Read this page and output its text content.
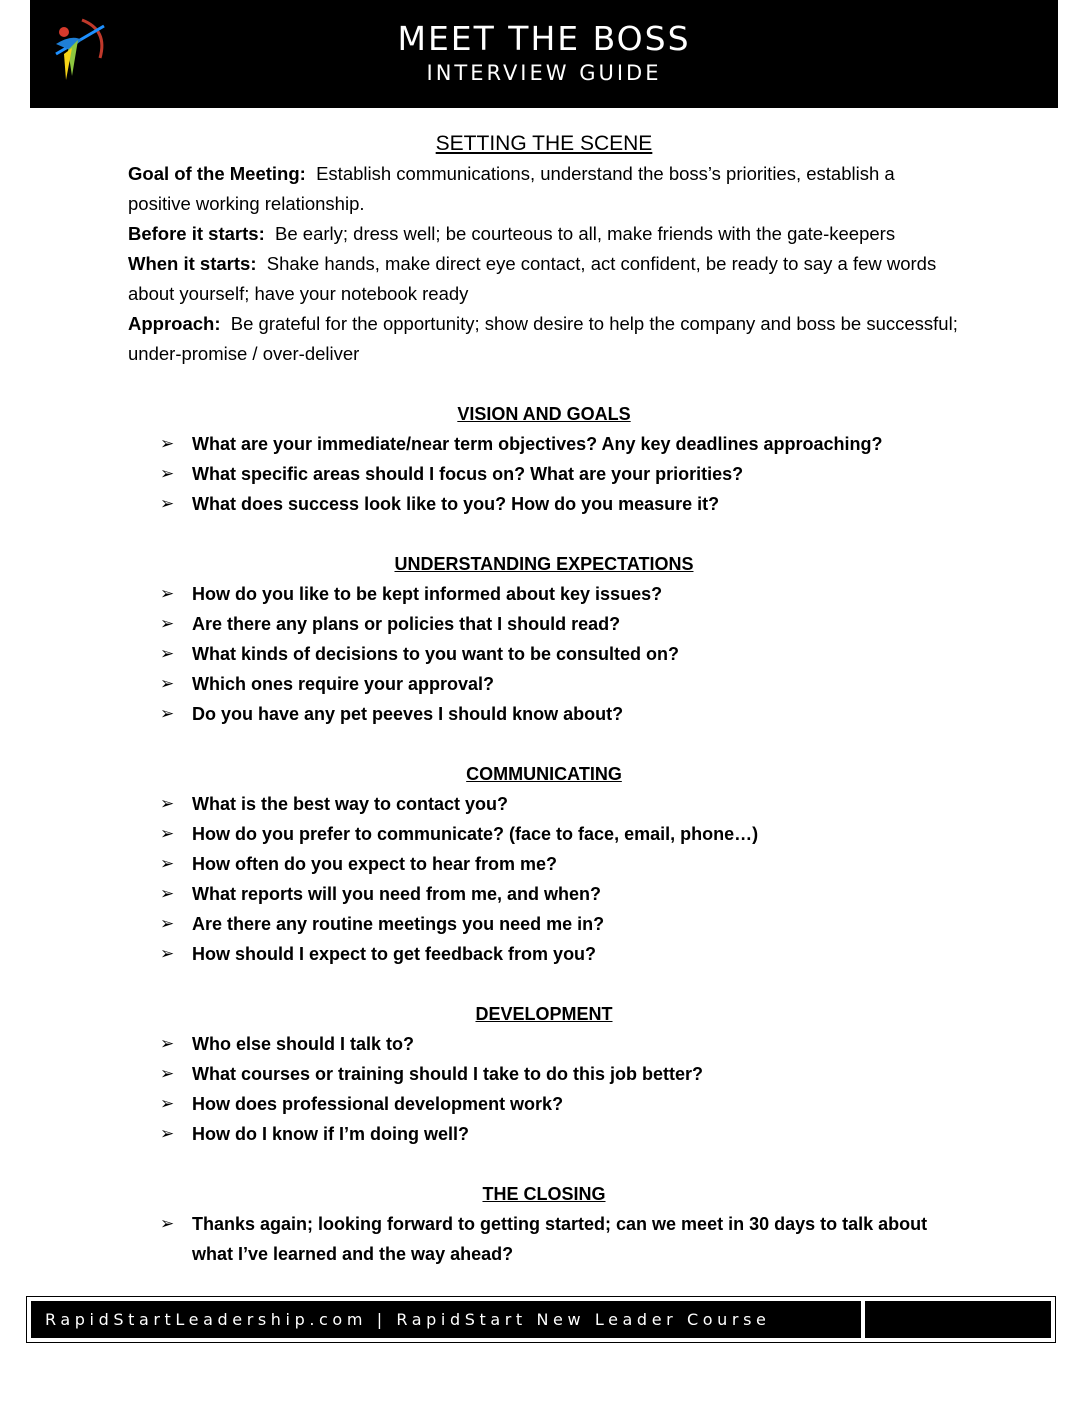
MEET THE BOSS
INTERVIEW GUIDE
SETTING THE SCENE

Goal of the Meeting: Establish communications, understand the boss’s priorities, establish a positive working relationship.

Before it starts: Be early; dress well; be courteous to all, make friends with the gate-keepers

When it starts: Shake hands, make direct eye contact, act confident, be ready to say a few words about yourself; have your notebook ready

Approach: Be grateful for the opportunity; show desire to help the company and boss be successful; under-promise / over-deliver

VISION AND GOALS
➢ What are your immediate/near term objectives? Any key deadlines approaching?
➢ What specific areas should I focus on? What are your priorities?
➢ What does success look like to you? How do you measure it?
UNDERSTANDING EXPECTATIONS
➢ How do you like to be kept informed about key issues?
➢ Are there any plans or policies that I should read?
➢ What kinds of decisions to you want to be consulted on?
➢ Which ones require your approval?
➢ Do you have any pet peeves I should know about?
COMMUNICATING
➢ What is the best way to contact you?
➢ How do you prefer to communicate? (face to face, email, phone…)
➢ How often do you expect to hear from me?
➢ What reports will you need from me, and when?
➢ Are there any routine meetings you need me in?
➢ How should I expect to get feedback from you?
DEVELOPMENT
➢ Who else should I talk to?
➢ What courses or training should I take to do this job better?
➢ How does professional development work?
➢ How do I know if I’m doing well?
THE CLOSING
➢ Thanks again; looking forward to getting started; can we meet in 30 days to talk about what I’ve learned and the way ahead?
RapidStartLeadership.com | RapidStart New Leader Course
